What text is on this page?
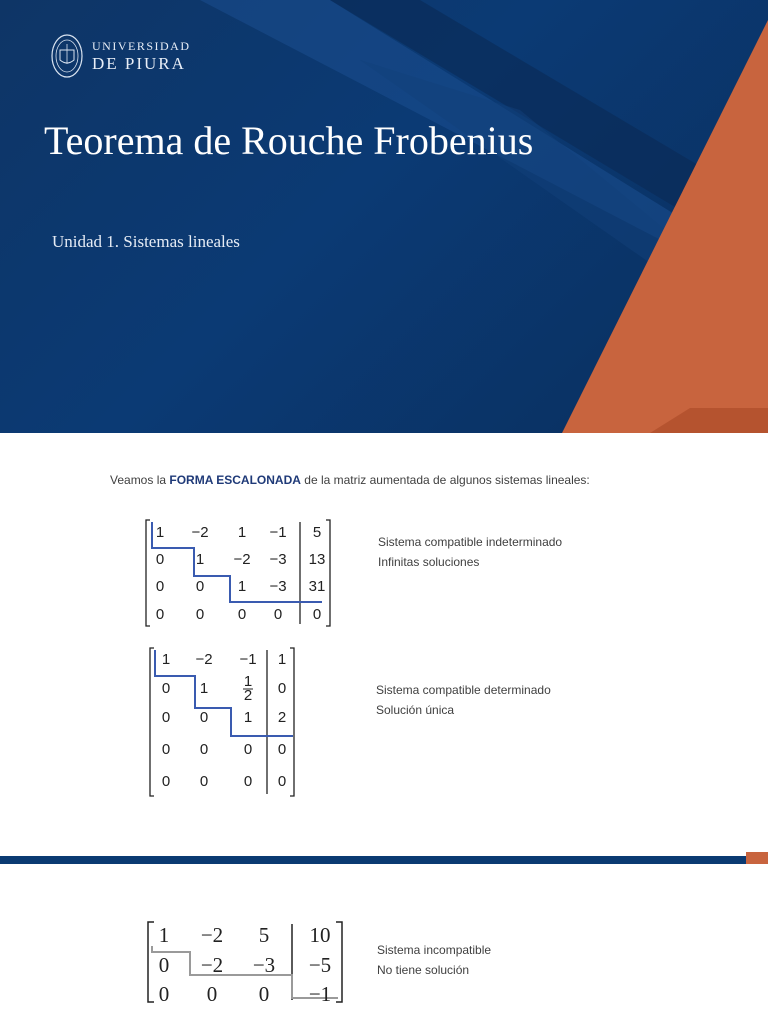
UNIVERSIDAD
DE PIURA
Teorema de Rouche Frobenius
Unidad 1. Sistemas lineales
Veamos la FORMA ESCALONADA de la matriz aumentada de algunos sistemas lineales:
1 −2 1 −1 5
0 1 −2 −3 13
0 0 1 −3 31
0 0 0 0 0
Sistema compatible indeterminado
Infinitas soluciones
1 −2 −1 1
0 1 1
2 0
0 0 1 2
0 0 0 0
0 0 0 0
Sistema compatible determinado
Solución única
1 −2 5 10
0 −2 −3 −5
0 0 0 −1
Sistema incompatible
No tiene solución
